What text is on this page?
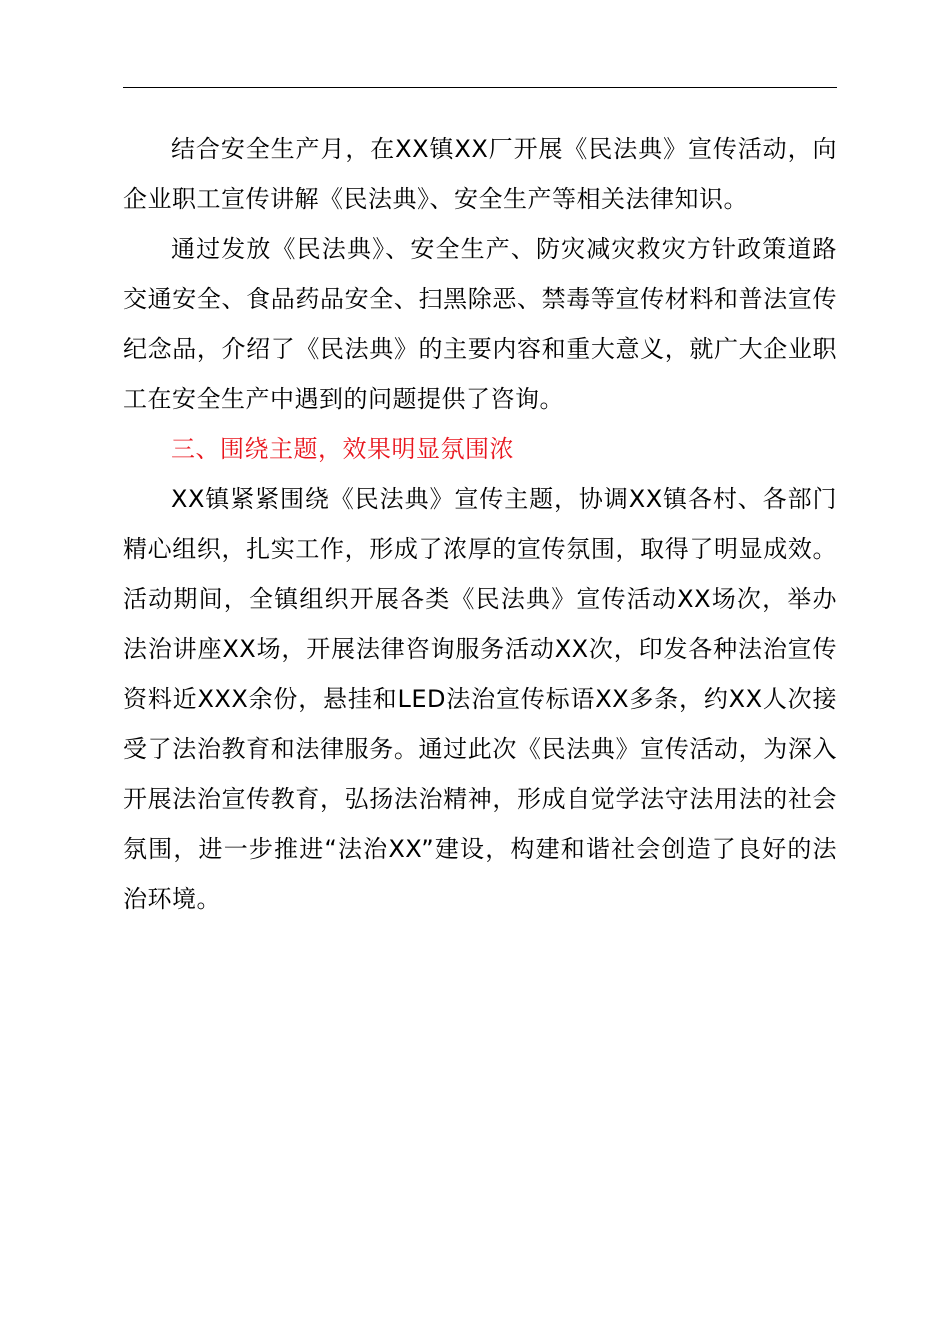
结合安全生产月，在XX镇XX厂开展《民法典》宣传活动，向企业职工宣传讲解《民法典》、安全生产等相关法律知识。

通过发放《民法典》、安全生产、防灾减灾救灾方针政策道路交通安全、食品药品安全、扫黑除恶、禁毒等宣传材料和普法宣传纪念品，介绍了《民法典》的主要内容和重大意义，就广大企业职工在安全生产中遇到的问题提供了咨询。

三、围绕主题，效果明显氛围浓

XX镇紧紧围绕《民法典》宣传主题，协调XX镇各村、各部门精心组织，扎实工作，形成了浓厚的宣传氛围，取得了明显成效。活动期间，全镇组织开展各类《民法典》宣传活动XX场次，举办法治讲座XX场，开展法律咨询服务活动XX次，印发各种法治宣传资料近XXX余份，悬挂和LED法治宣传标语XX多条，约XX人次接受了法治教育和法律服务。通过此次《民法典》宣传活动，为深入开展法治宣传教育，弘扬法治精神，形成自觉学法守法用法的社会氛围，进一步推进“法治XX”建设，构建和谐社会创造了良好的法治环境。
